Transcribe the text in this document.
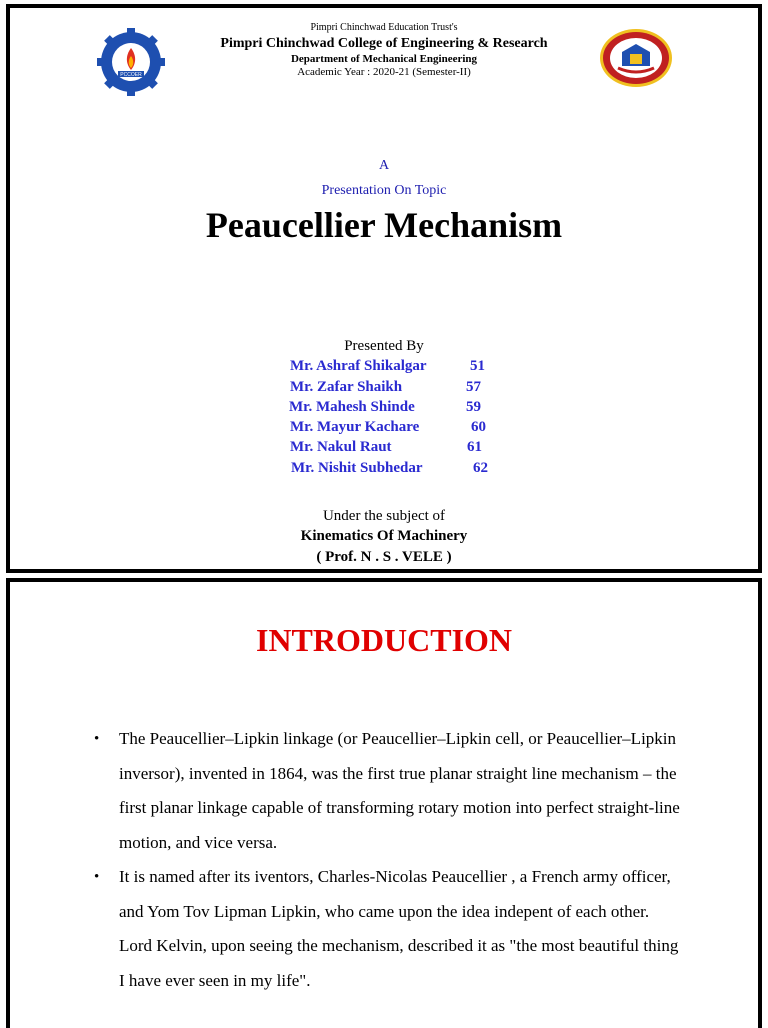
PCCOER
Pimpri Chinchwad Education Trust's
Pimpri Chinchwad College of Engineering & Research
Department of Mechanical Engineering
Academic Year : 2020-21 (Semester-II)
A
Presentation On Topic
Peaucellier Mechanism
Presented By
Mr. Ashraf Shikalgar	51
Mr. Zafar Shaikh	57
Mr. Mahesh Shinde	59
Mr. Mayur Kachare	60
Mr. Nakul Raut	61
Mr. Nishit Subhedar	62
Under the subject of
Kinematics Of Machinery
( Prof. N . S . VELE )
INTRODUCTION
• The Peaucellier–Lipkin linkage (or Peaucellier–Lipkin cell, or Peaucellier–Lipkin inversor), invented in 1864, was the first true planar straight line mechanism – the first planar linkage capable of transforming rotary motion into perfect straight-line motion, and vice versa.
• It is named after its iventors, Charles-Nicolas Peaucellier , a French army officer, and Yom Tov Lipman Lipkin, who came upon the idea indepent of each other. Lord Kelvin, upon seeing the mechanism, described it as "the most beautiful thing I have ever seen in my life".
